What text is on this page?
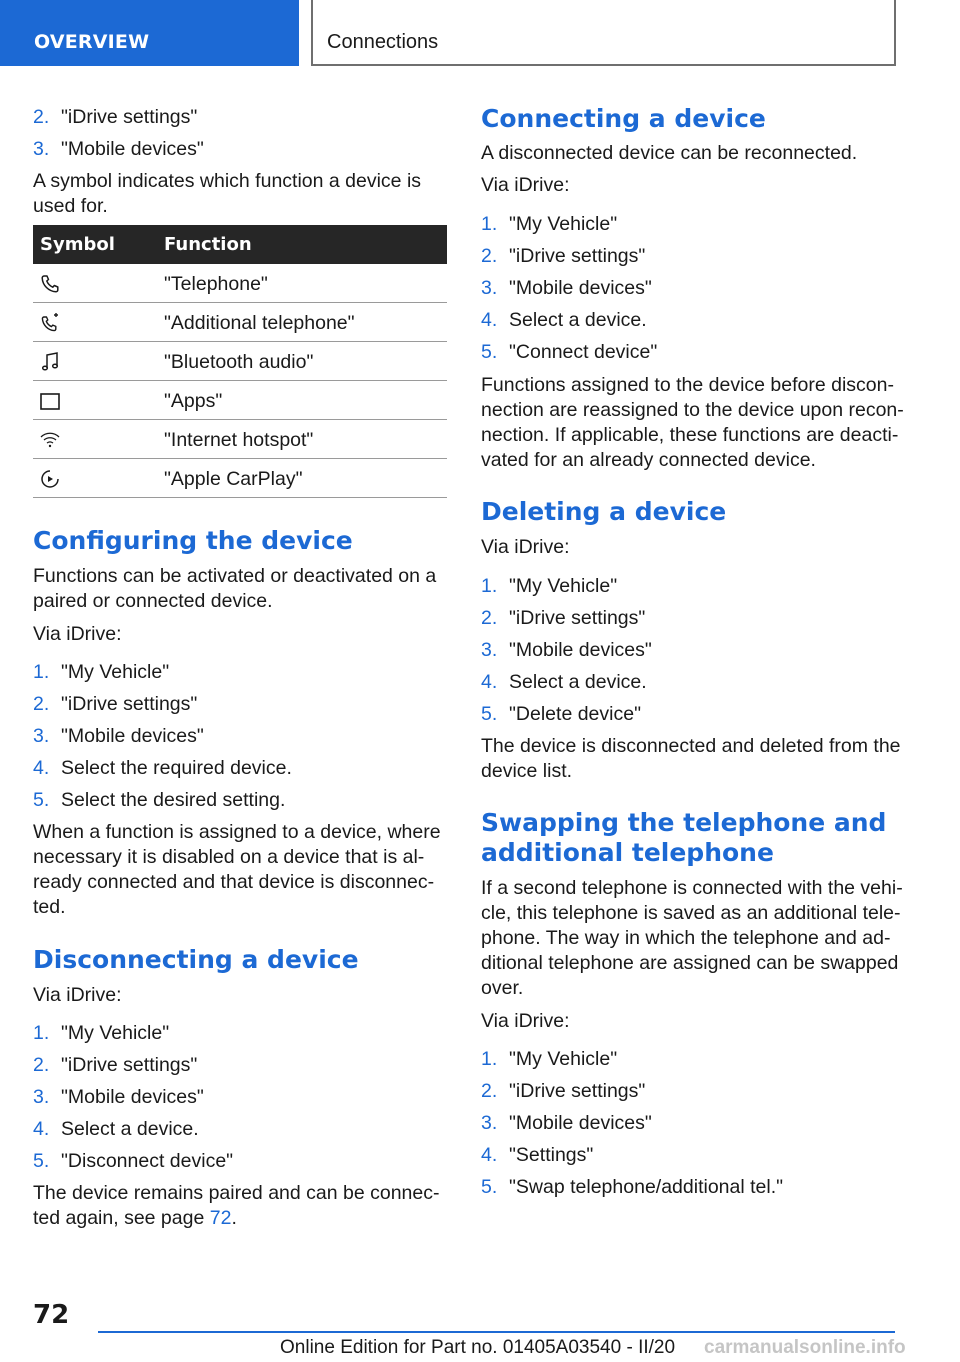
OVERVIEW	Connections
2. "iDrive settings"
3. "Mobile devices"

A symbol indicates which function a device is
used for.

Symbol	Function
"Telephone"
"Additional telephone"
"Bluetooth audio"
"Apps"
"Internet hotspot"
"Apple CarPlay"
Configuring the device

Functions can be activated or deactivated on a
paired or connected device.

Via iDrive:

1. "My Vehicle"
2. "iDrive settings"
3. "Mobile devices"
4. Select the required device.
5. Select the desired setting.

When a function is assigned to a device, where
necessary it is disabled on a device that is al‐
ready connected and that device is disconnec‐
ted.

Disconnecting a device

Via iDrive:

1. "My Vehicle"
2. "iDrive settings"
3. "Mobile devices"
4. Select a device.
5. "Disconnect device"

The device remains paired and can be connec‐
ted again, see page 72.

Connecting a device

A disconnected device can be reconnected.

Via iDrive:

1. "My Vehicle"
2. "iDrive settings"
3. "Mobile devices"
4. Select a device.
5. "Connect device"

Functions assigned to the device before discon‐
nection are reassigned to the device upon recon‐
nection. If applicable, these functions are deacti‐
vated for an already connected device.

Deleting a device

Via iDrive:

1. "My Vehicle"
2. "iDrive settings"
3. "Mobile devices"
4. Select a device.
5. "Delete device"

The device is disconnected and deleted from the
device list.

Swapping the telephone and
additional telephone

If a second telephone is connected with the vehi‐
cle, this telephone is saved as an additional tele‐
phone. The way in which the telephone and ad‐
ditional telephone are assigned can be swapped
over.

Via iDrive:

1. "My Vehicle"
2. "iDrive settings"
3. "Mobile devices"
4. "Settings"
5. "Swap telephone/additional tel."
72
Online Edition for Part no. 01405A03540 - II/20 carmanualsonline.info
